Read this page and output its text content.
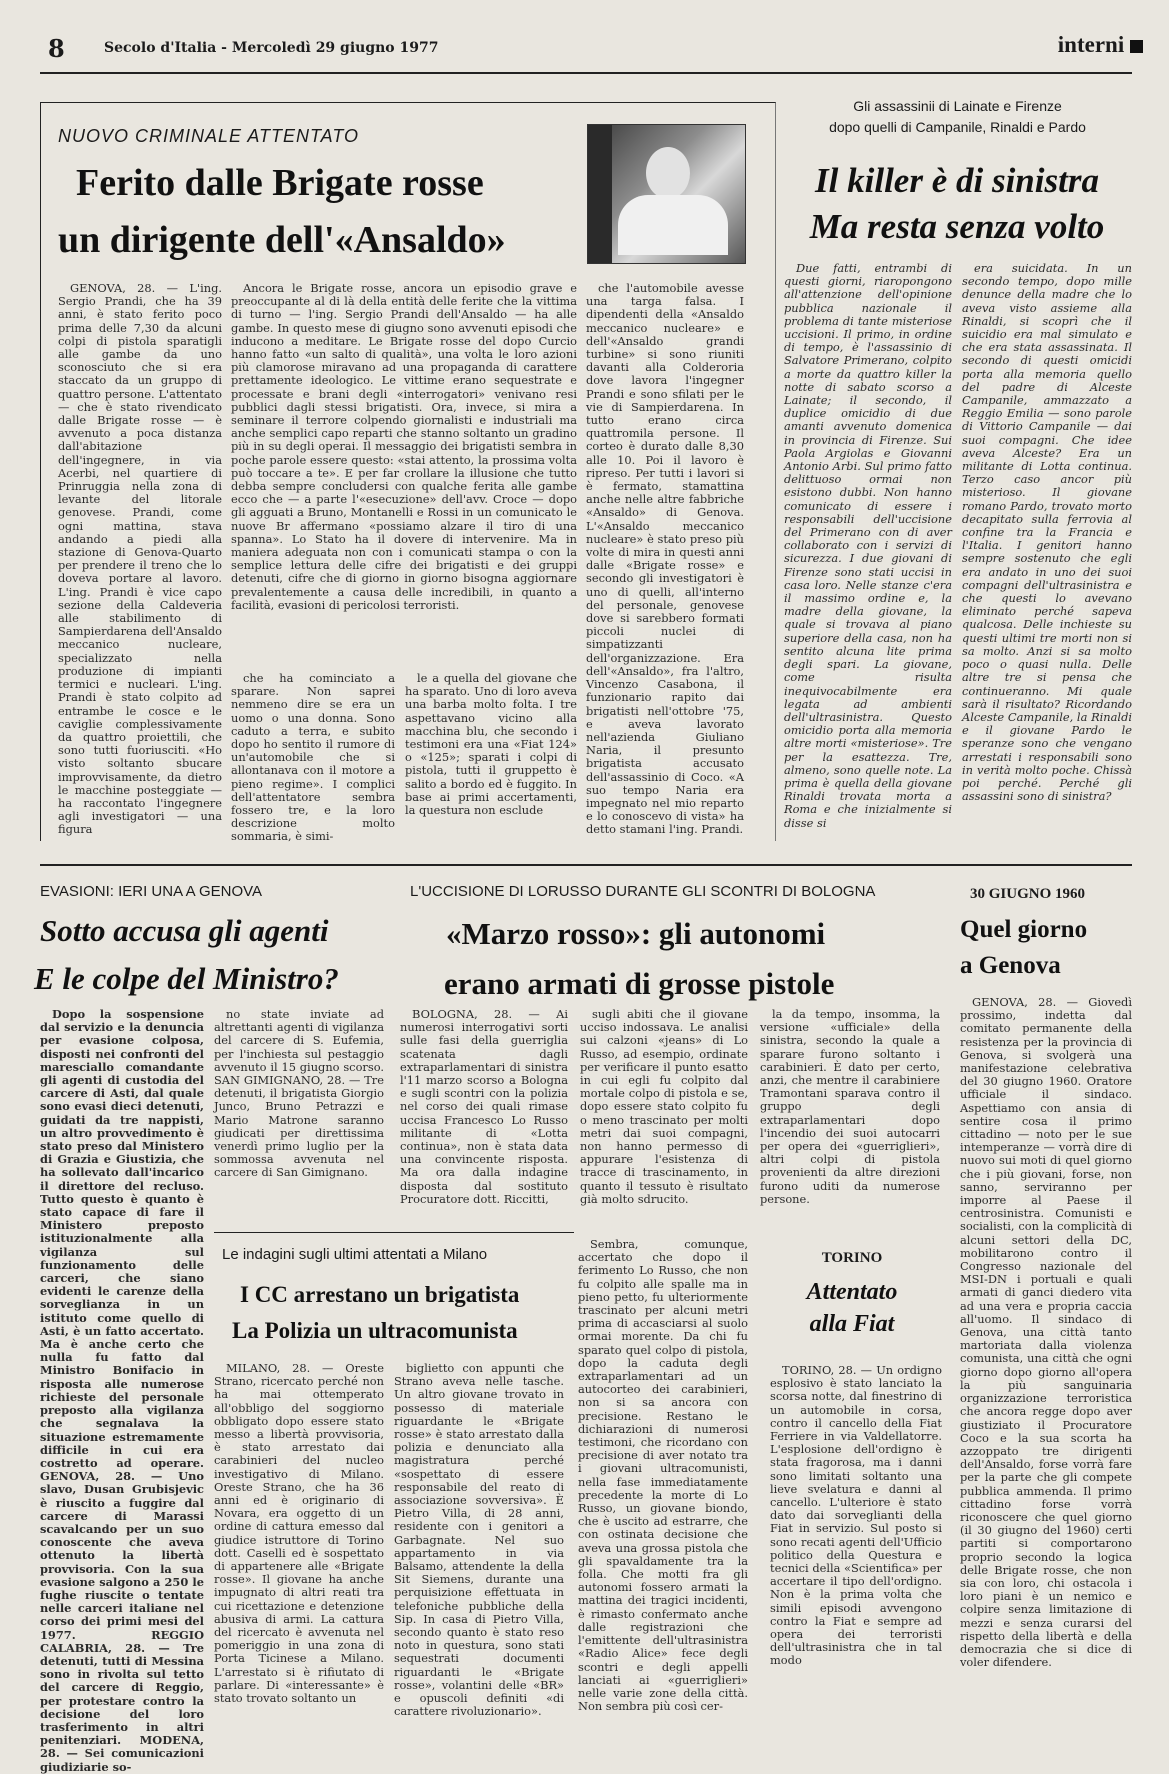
8	Secolo d'Italia - Mercoledì 29 giugno 1977	interni
NUOVO CRIMINALE ATTENTATO
Ferito dalle Brigate rosse
un dirigente dell'«Ansaldo»

GENOVA, 28. — L'ing. Sergio Prandi, che ha 39 anni, è stato ferito poco prima delle 7,30 da alcuni colpi di pistola sparatigli alle gambe da uno sconosciuto che si era staccato da un gruppo di quattro persone. L'attentato — che è stato rivendicato dalle Brigate rosse — è avvenuto a poca distanza dall'abitazione dell'ingegnere, in via Acerbi, nel quartiere di Prinruggia nella zona di levante del litorale genovese. Prandi, come ogni mattina, stava andando a piedi alla stazione di Genova-Quarto per prendere il treno che lo doveva portare al lavoro. L'ing. Prandi è vice capo sezione della Caldeveria alle stabilimento di Sampierdarena dell'Ansaldo meccanico nucleare, specializzato nella produzione di impianti termici e nucleari. L'ing. Prandi è stato colpito ad entrambe le cosce e le caviglie complessivamente da quattro proiettili, che sono tutti fuoriusciti. «Ho visto soltanto sbucare improvvisamente, da dietro le macchine posteggiate — ha raccontato l'ingegnere agli investigatori — una figura

Ancora le Brigate rosse, ancora un episodio grave e preoccupante al di là della entità delle ferite che la vittima di turno — l'ing. Sergio Prandi dell'Ansaldo — ha alle gambe. In questo mese di giugno sono avvenuti episodi che inducono a meditare. Le Brigate rosse del dopo Curcio hanno fatto «un salto di qualità», una volta le loro azioni più clamorose miravano ad una propaganda di carattere prettamente ideologico. Le vittime erano sequestrate e processate e brani degli «interrogatori» venivano resi pubblici dagli stessi brigatisti. Ora, invece, si mira a seminare il terrore colpendo giornalisti e industriali ma anche semplici capo reparti che stanno soltanto un gradino più in su degli operai. Il messaggio dei brigatisti sembra in poche parole essere questo: «stai attento, la prossima volta può toccare a te». E per far crollare la illusione che tutto debba sempre concludersi con qualche ferita alle gambe ecco che — a parte l'«esecuzione» dell'avv. Croce — dopo gli agguati a Bruno, Montanelli e Rossi in un comunicato le nuove Br affermano «possiamo alzare il tiro di una spanna». Lo Stato ha il dovere di intervenire. Ma in maniera adeguata non con i comunicati stampa o con la semplice lettura delle cifre dei brigatisti e dei gruppi detenuti, cifre che di giorno in giorno bisogna aggiornare prevalentemente a causa delle incredibili, in quanto a facilità, evasioni di pericolosi terroristi.

che ha cominciato a sparare. Non saprei nemmeno dire se era un uomo o una donna. Sono caduto a terra, e subito dopo ho sentito il rumore di un'automobile che si allontanava con il motore a pieno regime». I complici dell'attentatore sembra fossero tre, e la loro descrizione molto sommaria, è simi-

le a quella del giovane che ha sparato. Uno di loro aveva una barba molto folta. I tre aspettavano vicino alla macchina blu, che secondo i testimoni era una «Fiat 124» o «125»; sparati i colpi di pistola, tutti il gruppetto è salito a bordo ed è fuggito. In base ai primi accertamenti, la questura non esclude

che l'automobile avesse una targa falsa. I dipendenti della «Ansaldo meccanico nucleare» e dell'«Ansaldo grandi turbine» si sono riuniti davanti alla Colderoria dove lavora l'ingegner Prandi e sono sfilati per le vie di Sampierdarena. In tutto erano circa quattromila persone. Il corteo è durato dalle 8,30 alle 10. Poi il lavoro è ripreso. Per tutti i lavori si è fermato, stamattina anche nelle altre fabbriche «Ansaldo» di Genova. L'«Ansaldo meccanico nucleare» è stato preso più volte di mira in questi anni dalle «Brigate rosse» e secondo gli investigatori è uno di quelli, all'interno del personale, genovese dove si sarebbero formati piccoli nuclei di simpatizzanti dell'organizzazione. Era dell'«Ansaldo», fra l'altro, Vincenzo Casabona, il funzionario rapito dai brigatisti nell'ottobre '75, e aveva lavorato nell'azienda Giuliano Naria, il presunto brigatista accusato dell'assassinio di Coco. «A suo tempo Naria era impegnato nel mio reparto e lo conoscevo di vista» ha detto stamani l'ing. Prandi.

Gli assassinii di Lainate e Firenze
dopo quelli di Campanile, Rinaldi e Pardo
Il killer è di sinistra
Ma resta senza volto

Due fatti, entrambi di questi giorni, riaropongono all'attenzione dell'opinione pubblica nazionale il problema di tante misteriose uccisioni. Il primo, in ordine di tempo, è l'assassinio di Salvatore Primerano, colpito a morte da quattro killer la notte di sabato scorso a Lainate; il secondo, il duplice omicidio di due amanti avvenuto domenica in provincia di Firenze. Sui Paola Argiolas e Giovanni Antonio Arbi. Sul primo fatto delittuoso ormai non esistono dubbi. Non hanno comunicato di essere i responsabili dell'uccisione del Primerano con di aver collaborato con i servizi di sicurezza. I due giovani di Firenze sono stati uccisi in casa loro. Nelle stanze c'era il massimo ordine e, la madre della giovane, la quale si trovava al piano superiore della casa, non ha sentito alcuna lite prima degli spari. La giovane, come risulta inequivocabilmente era legata ad ambienti dell'ultrasinistra. Questo omicidio porta alla memoria altre morti «misteriose». Tre per la esattezza. Tre, almeno, sono quelle note. La prima è quella della giovane Rinaldi trovata morta a Roma e che inizialmente si disse si

era suicidata. In un secondo tempo, dopo mille denunce della madre che lo aveva visto assieme alla Rinaldi, si scoprì che il suicidio era mal simulato e che era stata assassinata. Il secondo di questi omicidi porta alla memoria quello del padre di Alceste Campanile, ammazzato a Reggio Emilia — sono parole di Vittorio Campanile — dai suoi compagni. Che idee aveva Alceste? Era un militante di Lotta continua. Terzo caso ancor più misterioso. Il giovane romano Pardo, trovato morto decapitato sulla ferrovia al confine tra la Francia e l'Italia. I genitori hanno sempre sostenuto che egli era andato in uno dei suoi compagni dell'ultrasinistra e che questi lo avevano eliminato perché sapeva qualcosa. Delle inchieste su questi ultimi tre morti non si sa molto. Anzi si sa molto poco o quasi nulla. Delle altre tre si pensa che continueranno. Mi quale sarà il risultato? Ricordando Alceste Campanile, la Rinaldi e il giovane Pardo le speranze sono che vengano arrestati i responsabili sono in verità molto poche. Chissà poi perché. Perché gli assassini sono di sinistra?

EVASIONI: IERI UNA A GENOVA
Sotto accusa gli agenti
E le colpe del Ministro?

Dopo la sospensione dal servizio e la denuncia per evasione colposa, disposti nei confronti del maresciallo comandante gli agenti di custodia del carcere di Asti, dal quale sono evasi dieci detenuti, guidati da tre nappisti, un altro provvedimento è stato preso dal Ministero di Grazia e Giustizia, che ha sollevato dall'incarico il direttore del recluso. Tutto questo è quanto è stato capace di fare il Ministero preposto istituzionalmente alla vigilanza sul funzionamento delle carceri, che siano evidenti le carenze della sorveglianza in un istituto come quello di Asti, è un fatto accertato. Ma è anche certo che nulla fu fatto dal Ministro Bonifacio in risposta alle numerose richieste del personale preposto alla vigilanza che segnalava la situazione estremamente difficile in cui era costretto ad operare. GENOVA, 28. — Uno slavo, Dusan Grubisjevic è riuscito a fuggire dal carcere di Marassi scavalcando per un suo conoscente che aveva ottenuto la libertà provvisoria. Con la sua evasione salgono a 250 le fughe riuscite o tentate nelle carceri italiane nel corso dei primi mesi del 1977. REGGIO CALABRIA, 28. — Tre detenuti, tutti di Messina sono in rivolta sul tetto del carcere di Reggio, per protestare contro la decisione del loro trasferimento in altri penitenziari. MODENA, 28. — Sei comunicazioni giudiziarie so-

no state inviate ad altrettanti agenti di vigilanza del carcere di S. Eufemia, per l'inchiesta sul pestaggio avvenuto il 15 giugno scorso. SAN GIMIGNANO, 28. — Tre detenuti, il brigatista Giorgio Junco, Bruno Petrazzi e Mario Matrone saranno giudicati per direttissima venerdì primo luglio per la sommossa avvenuta nel carcere di San Gimignano.

L'UCCISIONE DI LORUSSO DURANTE GLI SCONTRI DI BOLOGNA
«Marzo rosso»: gli autonomi
erano armati di grosse pistole

BOLOGNA, 28. — Ai numerosi interrogativi sorti sulle fasi della guerriglia scatenata dagli extraparlamentari di sinistra l'11 marzo scorso a Bologna e sugli scontri con la polizia nel corso dei quali rimase uccisa Francesco Lo Russo militante di «Lotta continua», non è stata data una convincente risposta. Ma ora dalla indagine disposta dal sostituto Procuratore dott. Riccitti,

sugli abiti che il giovane ucciso indossava. Le analisi sui calzoni «jeans» di Lo Russo, ad esempio, ordinate per verificare il punto esatto in cui egli fu colpito dal mortale colpo di pistola e se, dopo essere stato colpito fu o meno trascinato per molti metri dai suoi compagni, non hanno permesso di appurare l'esistenza di tracce di trascinamento, in quanto il tessuto è risultato già molto sdrucito.

la da tempo, insomma, la versione «ufficiale» della sinistra, secondo la quale a sparare furono soltanto i carabinieri. È dato per certo, anzi, che mentre il carabiniere Tramontani sparava contro il gruppo degli extraparlamentari dopo l'incendio dei suoi autocarri per opera dei «guerriglieri», altri colpi di pistola provenienti da altre direzioni furono uditi da numerose persone.

30 GIUGNO 1960
Quel giorno
a Genova

GENOVA, 28. — Giovedì prossimo, indetta dal comitato permanente della resistenza per la provincia di Genova, si svolgerà una manifestazione celebrativa del 30 giugno 1960. Oratore ufficiale il sindaco. Aspettiamo con ansia di sentire cosa il primo cittadino — noto per le sue intemperanze — vorrà dire di nuovo sui moti di quel giorno che i più giovani, forse, non sanno, serviranno per imporre al Paese il centrosinistra. Comunisti e socialisti, con la complicità di alcuni settori della DC, mobilitarono contro il Congresso nazionale del MSI-DN i portuali e quali armati di ganci diedero vita ad una vera e propria caccia all'uomo. Il sindaco di Genova, una città tanto martoriata dalla violenza comunista, una città che ogni giorno dopo giorno all'opera la più sanguinaria organizzazione terroristica che ancora regge dopo aver giustiziato il Procuratore Coco e la sua scorta ha azzoppato tre dirigenti dell'Ansaldo, forse vorrà fare per la parte che gli compete pubblica ammenda. Il primo cittadino forse vorrà riconoscere che quel giorno (il 30 giugno del 1960) certi partiti si comportarono proprio secondo la logica delle Brigate rosse, che non sia con loro, chi ostacola i loro piani è un nemico e colpire senza limitazione di mezzi e senza curarsi del rispetto della libertà e della democrazia che si dice di voler difendere.

Le indagini sugli ultimi attentati a Milano
I CC arrestano un brigatista
La Polizia un ultracomunista

MILANO, 28. — Oreste Strano, ricercato perché non ha mai ottemperato all'obbligo del soggiorno obbligato dopo essere stato messo a libertà provvisoria, è stato arrestato dai carabinieri del nucleo investigativo di Milano. Oreste Strano, che ha 36 anni ed è originario di Novara, era oggetto di un ordine di cattura emesso dal giudice istruttore di Torino dott. Caselli ed è sospettato di appartenere alle «Brigate rosse». Il giovane ha anche impugnato di altri reati tra cui ricettazione e detenzione abusiva di armi. La cattura del ricercato è avvenuta nel pomeriggio in una zona di Porta Ticinese a Milano. L'arrestato si è rifiutato di parlare. Di «interessante» è stato trovato soltanto un

biglietto con appunti che Strano aveva nelle tasche. Un altro giovane trovato in possesso di materiale riguardante le «Brigate rosse» è stato arrestato dalla polizia e denunciato alla magistratura perché «sospettato di essere responsabile del reato di associazione sovversiva». È Pietro Villa, di 28 anni, residente con i genitori a Garbagnate. Nel suo appartamento in via Balsamo, attendente la della Sit Siemens, durante una perquisizione effettuata in telefoniche pubbliche della Sip. In casa di Pietro Villa, secondo quanto è stato reso noto in questura, sono stati sequestrati documenti riguardanti le «Brigate rosse», volantini delle «BR» e opuscoli definiti «di carattere rivoluzionario».

Sembra, comunque, accertato che dopo il ferimento Lo Russo, che non fu colpito alle spalle ma in pieno petto, fu ulteriormente trascinato per alcuni metri prima di accasciarsi al suolo ormai morente. Da chi fu sparato quel colpo di pistola, dopo la caduta degli extraparlamentari ad un autocorteo dei carabinieri, non si sa ancora con precisione. Restano le dichiarazioni di numerosi testimoni, che ricordano con precisione di aver notato tra i giovani ultracomunisti, nella fase immediatamente precedente la morte di Lo Russo, un giovane biondo, che è uscito ad estrarre, che con ostinata decisione che aveva una grossa pistola che gli spavaldamente tra la folla. Che motti fra gli autonomi fossero armati la mattina dei tragici incidenti, è rimasto confermato anche dalle registrazioni che l'emittente dell'ultrasinistra «Radio Alice» fece degli scontri e degli appelli lanciati ai «guerriglieri» nelle varie zone della città. Non sembra più così cer-

TORINO
Attentato
alla Fiat

TORINO, 28. — Un ordigno esplosivo è stato lanciato la scorsa notte, dal finestrino di un automobile in corsa, contro il cancello della Fiat Ferriere in via Valdellatorre. L'esplosione dell'ordigno è stata fragorosa, ma i danni sono limitati soltanto una lieve svelatura e danni al cancello. L'ulteriore è stato dato dai sorveglianti della Fiat in servizio. Sul posto si sono recati agenti dell'Ufficio politico della Questura e tecnici della «Scientifica» per accertare il tipo dell'ordigno. Non è la prima volta che simili episodi avvengono contro la Fiat e sempre ad opera dei terroristi dell'ultrasinistra che in tal modo
